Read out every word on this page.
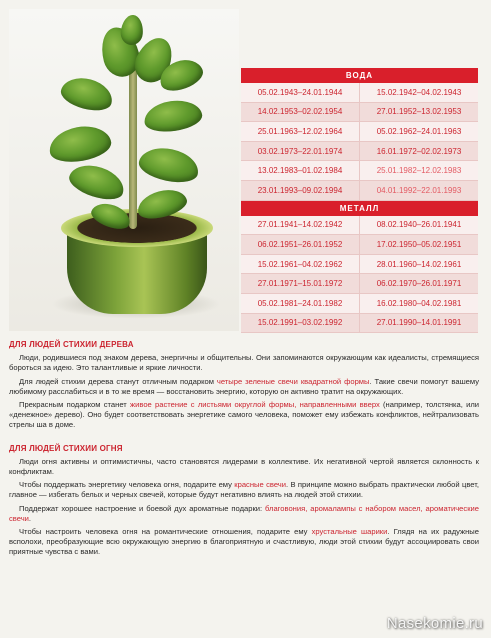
ВОДА
05.02.1943–24.01.1944	15.02.1942–04.02.1943
14.02.1953–02.02.1954	27.01.1952–13.02.1953
25.01.1963–12.02.1964	05.02.1962–24.01.1963
03.02.1973–22.01.1974	16.01.1972–02.02.1973
13.02.1983–01.02.1984	25.01.1982–12.02.1983
23.01.1993–09.02.1994	04.01.1992–22.01.1993
МЕТАЛЛ
27.01.1941–14.02.1942	08.02.1940–26.01.1941
06.02.1951–26.01.1952	17.02.1950–05.02.1951
15.02.1961–04.02.1962	28.01.1960–14.02.1961
27.01.1971–15.01.1972	06.02.1970–26.01.1971
05.02.1981–24.01.1982	16.02.1980–04.02.1981
15.02.1991–03.02.1992	27.01.1990–14.01.1991
ДЛЯ ЛЮДЕЙ СТИХИИ ДЕРЕВА

Люди, родившиеся под знаком дерева, энергичны и общительны. Они запоминаются окружающим как идеалисты, стремящиеся бороться за идею. Это талантливые и яркие личности.

Для людей стихии дерева станут отличным подарком четыре зеленые свечи квадратной формы. Такие свечи помогут вашему любимому расслабиться и в то же время — восстановить энергию, которую он активно тратит на окружающих.

Прекрасным подарком станет живое растение с листьями округлой формы, направленными вверх (например, толстянка, или «денежное» дерево). Оно будет соответствовать энергетике самого человека, поможет ему избежать конфликтов, нейтрализовать стрелы ша в доме.

ДЛЯ ЛЮДЕЙ СТИХИИ ОГНЯ

Люди огня активны и оптимистичны, часто становятся лидерами в коллективе. Их негативной чертой является склонность к конфликтам.

Чтобы поддержать энергетику человека огня, подарите ему красные свечи. В принципе можно выбрать практически любой цвет, главное — избегать белых и черных свечей, которые будут негативно влиять на людей этой стихии.

Поддержат хорошее настроение и боевой дух ароматные подарки: благовония, аромалампы с набором масел, ароматические свечи.

Чтобы настроить человека огня на романтические отношения, подарите ему хрустальные шарики. Глядя на их радужные всполохи, преобразующие всю окружающую энергию в благоприятную и счастливую, люди этой стихии будут ассоциировать свои приятные чувства с вами.

Nasekomie.ru
